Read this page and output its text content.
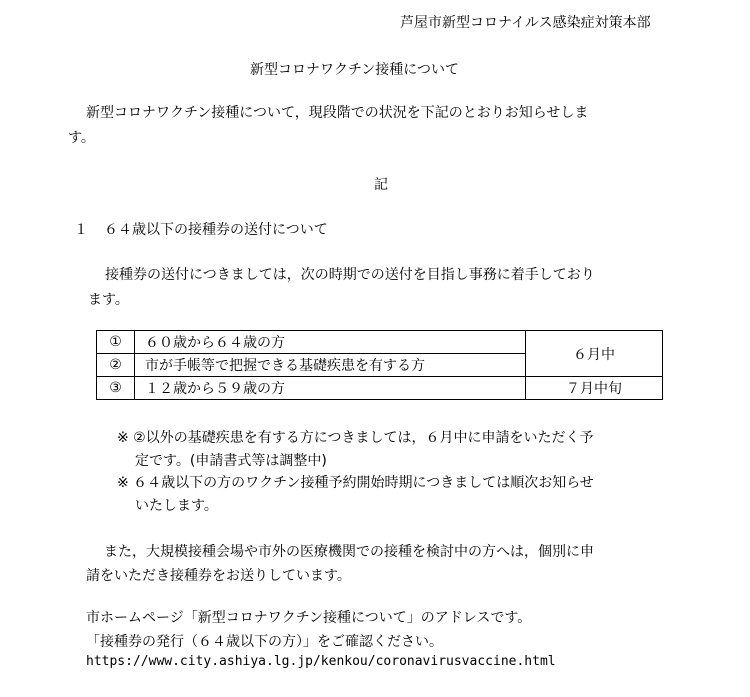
芦屋市新型コロナイルス感染症対策本部
新型コロナワクチン接種について
新型コロナワクチン接種について，現段階での状況を下記のとおりお知らせしま
す。
記
１ ６４歳以下の接種券の送付について
接種券の送付につきましては，次の時期での送付を目指し事務に着手しており
ます。
①	６０歳から６４歳の方	６月中
②	市が手帳等で把握できる基礎疾患を有する方	
③	１２歳から５９歳の方	７月中旬
※ ②以外の基礎疾患を有する方につきましては，６月中に申請をいただく予
定です。(申請書式等は調整中)
※ ６４歳以下の方のワクチン接種予約開始時期につきましては順次お知らせ
いたします。
また，大規模接種会場や市外の医療機関での接種を検討中の方へは，個別に申
請をいただき接種券をお送りしています。
市ホームページ「新型コロナワクチン接種について」のアドレスです。
「接種券の発行（６４歳以下の方）」をご確認ください。
https://www.city.ashiya.lg.jp/kenkou/coronavirusvaccine.html
